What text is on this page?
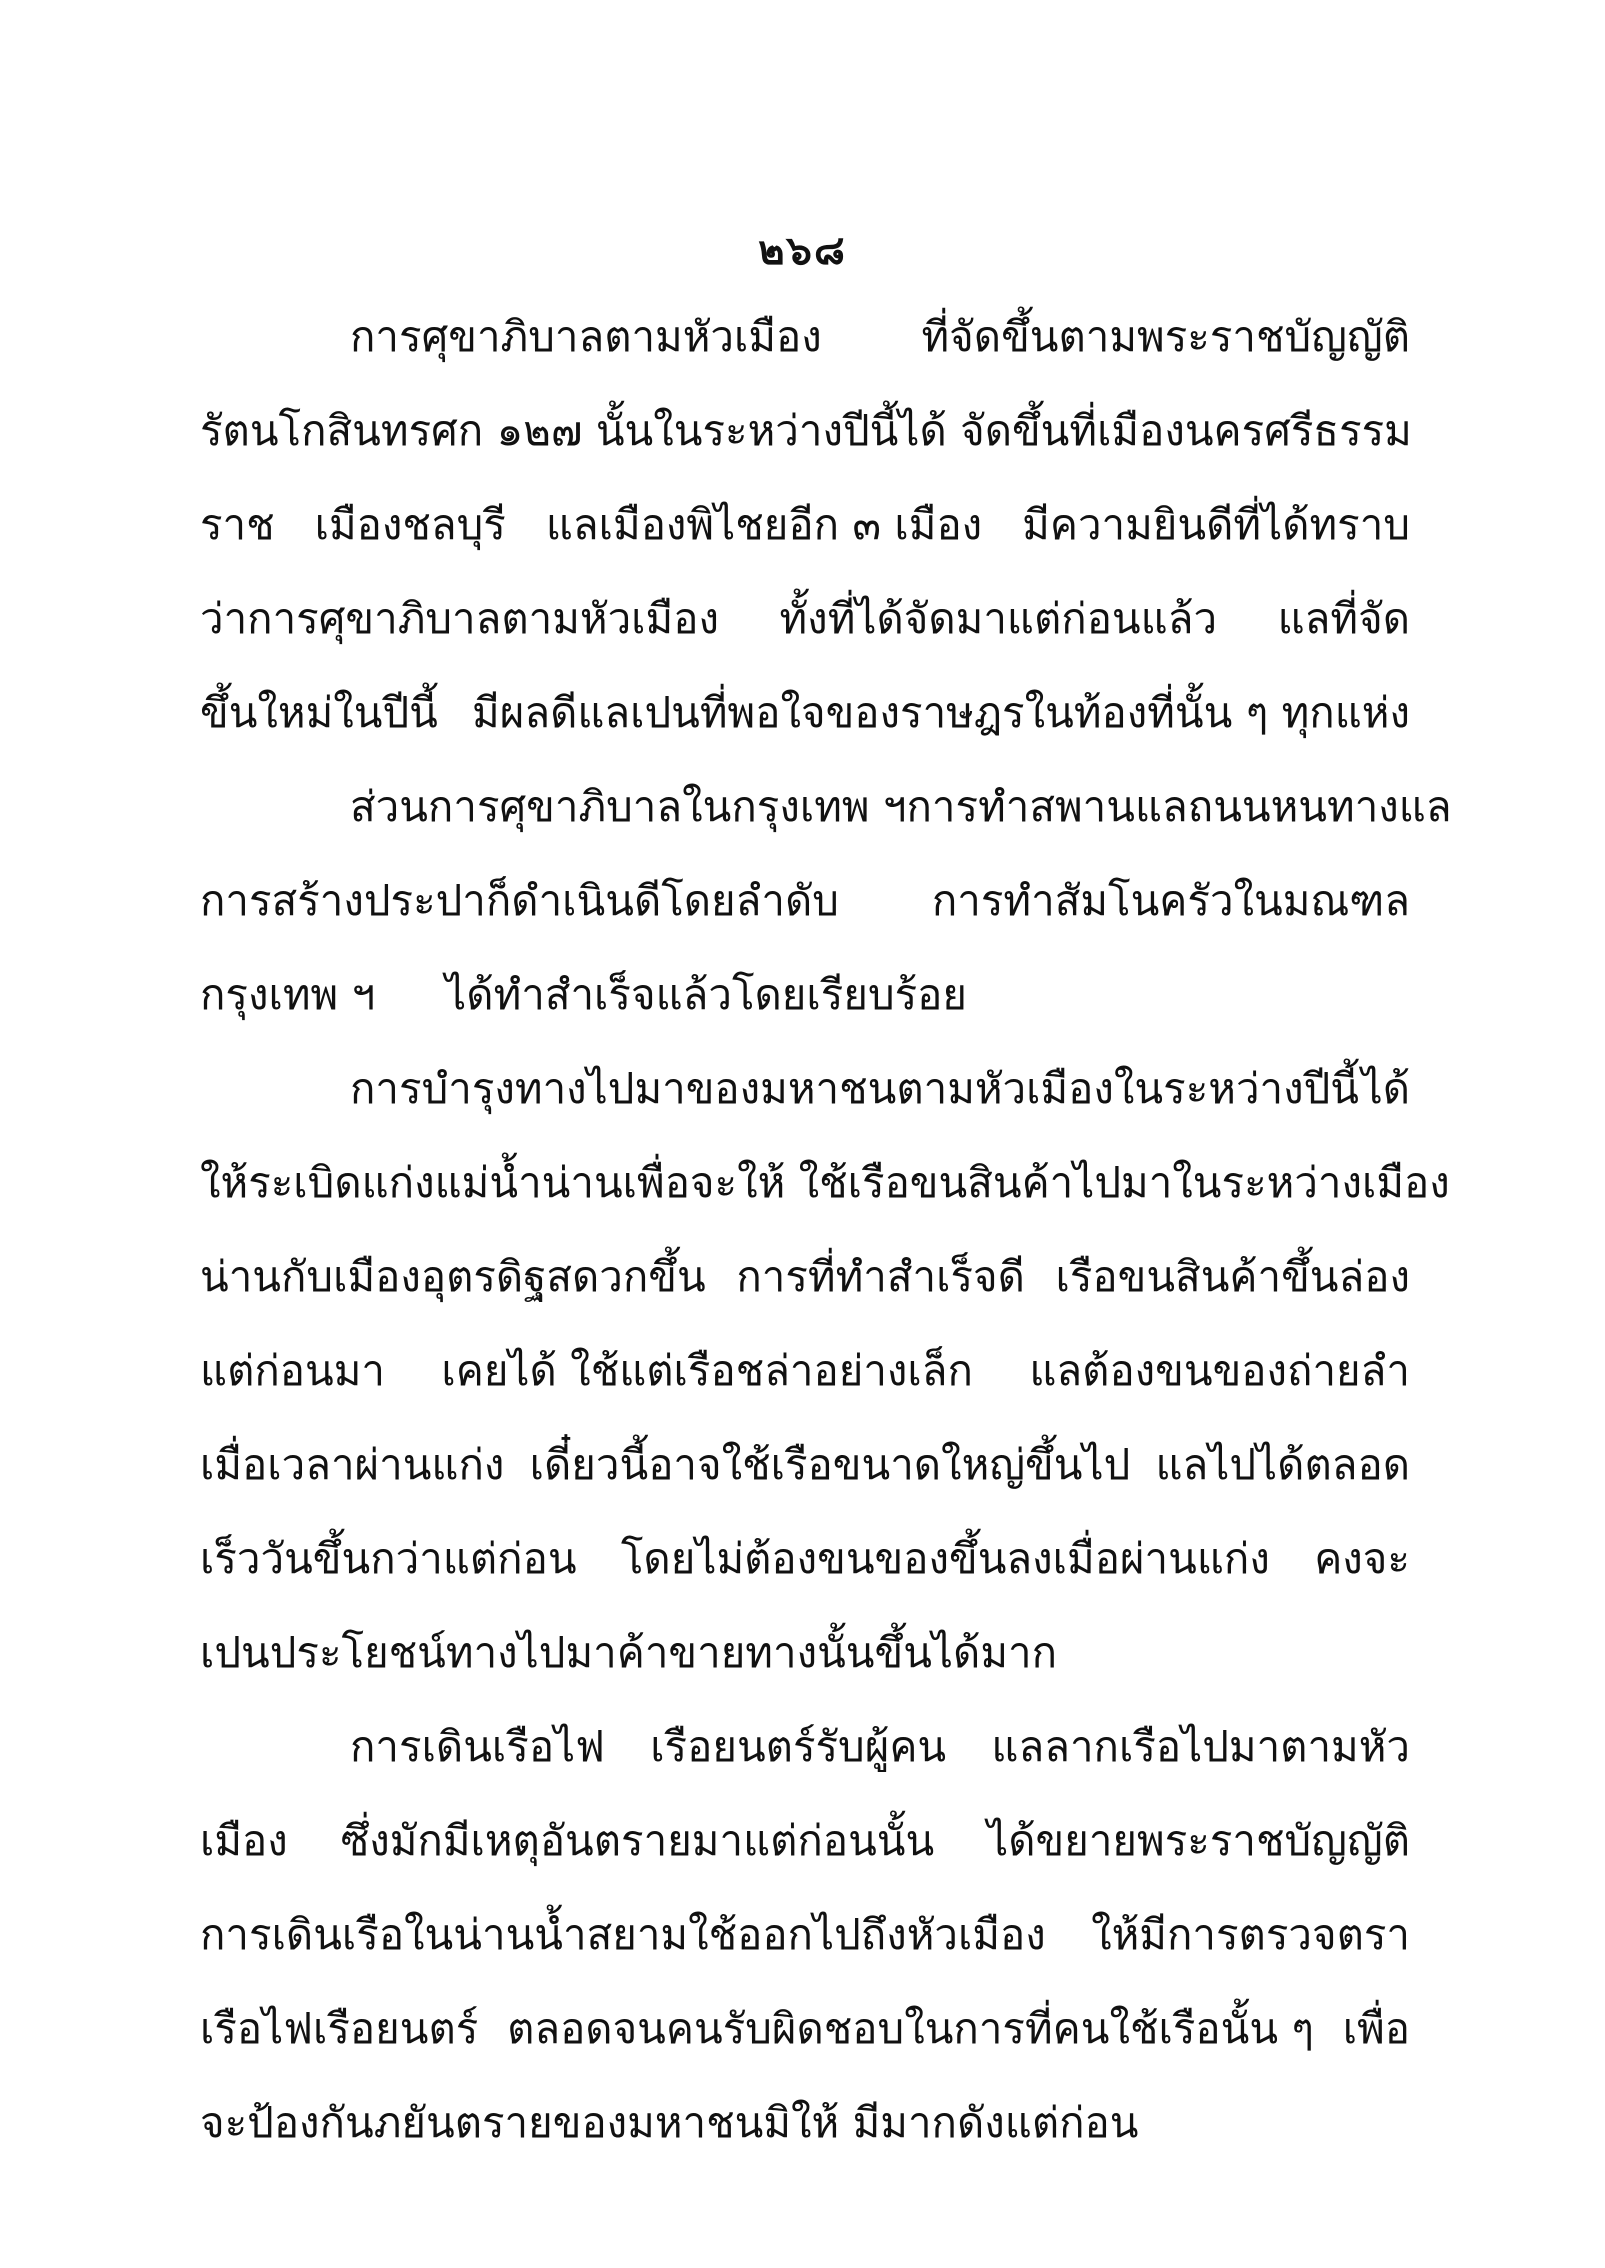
๒๖๘
การศุขาภิบาลตามหัวเมือง ที่จัดขึ้นตามพระราชบัญญัติ
รัตนโกสินทรศก ๑๒๗ นั้น ในระหว่างปีนี้ได้ จัดขึ้นที่เมืองนครศรีธรรม
ราช เมืองชลบุรี แลเมืองพิไชยอีก ๓ เมือง มีความยินดีที่ได้ทราบ
ว่าการศุขาภิบาลตามหัวเมือง ทั้งที่ได้จัดมาแต่ก่อนแล้ว แลที่จัด
ขึ้นใหม่ในปีนี้ มีผลดีแลเปนที่พอใจของราษฎรในท้องที่นั้น ๆ ทุกแห่ง
ส่วนการศุขาภิบาลในกรุงเทพ ฯ การทำสพานแลถนนหนทางแล
การสร้างประปาก็ดำเนินดีโดยลำดับ การทำสัมโนครัวในมณฑล
กรุงเทพ ฯ ได้ทำสำเร็จแล้วโดยเรียบร้อย
การบำรุงทางไปมาของมหาชนตามหัวเมืองในระหว่างปีนี้ ได้
ให้ระเบิดแก่งแม่น้ำน่านเพื่อจะให้ ใช้เรือ ขนสินค้าไปมาในระหว่างเมือง
น่านกับเมืองอุตรดิฐสดวกขึ้น การที่ทำสำเร็จดี เรือขนสินค้าขึ้นล่อง
แต่ก่อนมา เคยได้ ใช้แต่เรือชล่าอย่างเล็ก แลต้องขนของถ่ายลำ
เมื่อเวลาผ่านแก่ง เดี๋ยวนี้อาจใช้เรือขนาดใหญ่ขึ้นไป แลไปได้ตลอด
เร็ววันขึ้นกว่าแต่ก่อน โดยไม่ต้องขนของขึ้นลงเมื่อผ่านแก่ง คงจะ
เปนประโยชน์ทางไปมาค้าขายทางนั้นขึ้นได้มาก
การเดินเรือไฟ เรือยนตร์รับผู้คน แลลากเรือไปมาตามหัว
เมือง ซึ่งมักมีเหตุอันตรายมาแต่ก่อนนั้น ได้ขยายพระราชบัญญัติ
การเดินเรือในน่านน้ำสยามใช้ออกไปถึงหัวเมือง ให้มีการตรวจตรา
เรือไฟเรือยนตร์ ตลอดจนคนรับผิดชอบในการที่คนใช้เรือนั้น ๆ เพื่อ
จะป้องกันภยันตรายของมหาชนมิให้ มีมากดังแต่ก่อน
